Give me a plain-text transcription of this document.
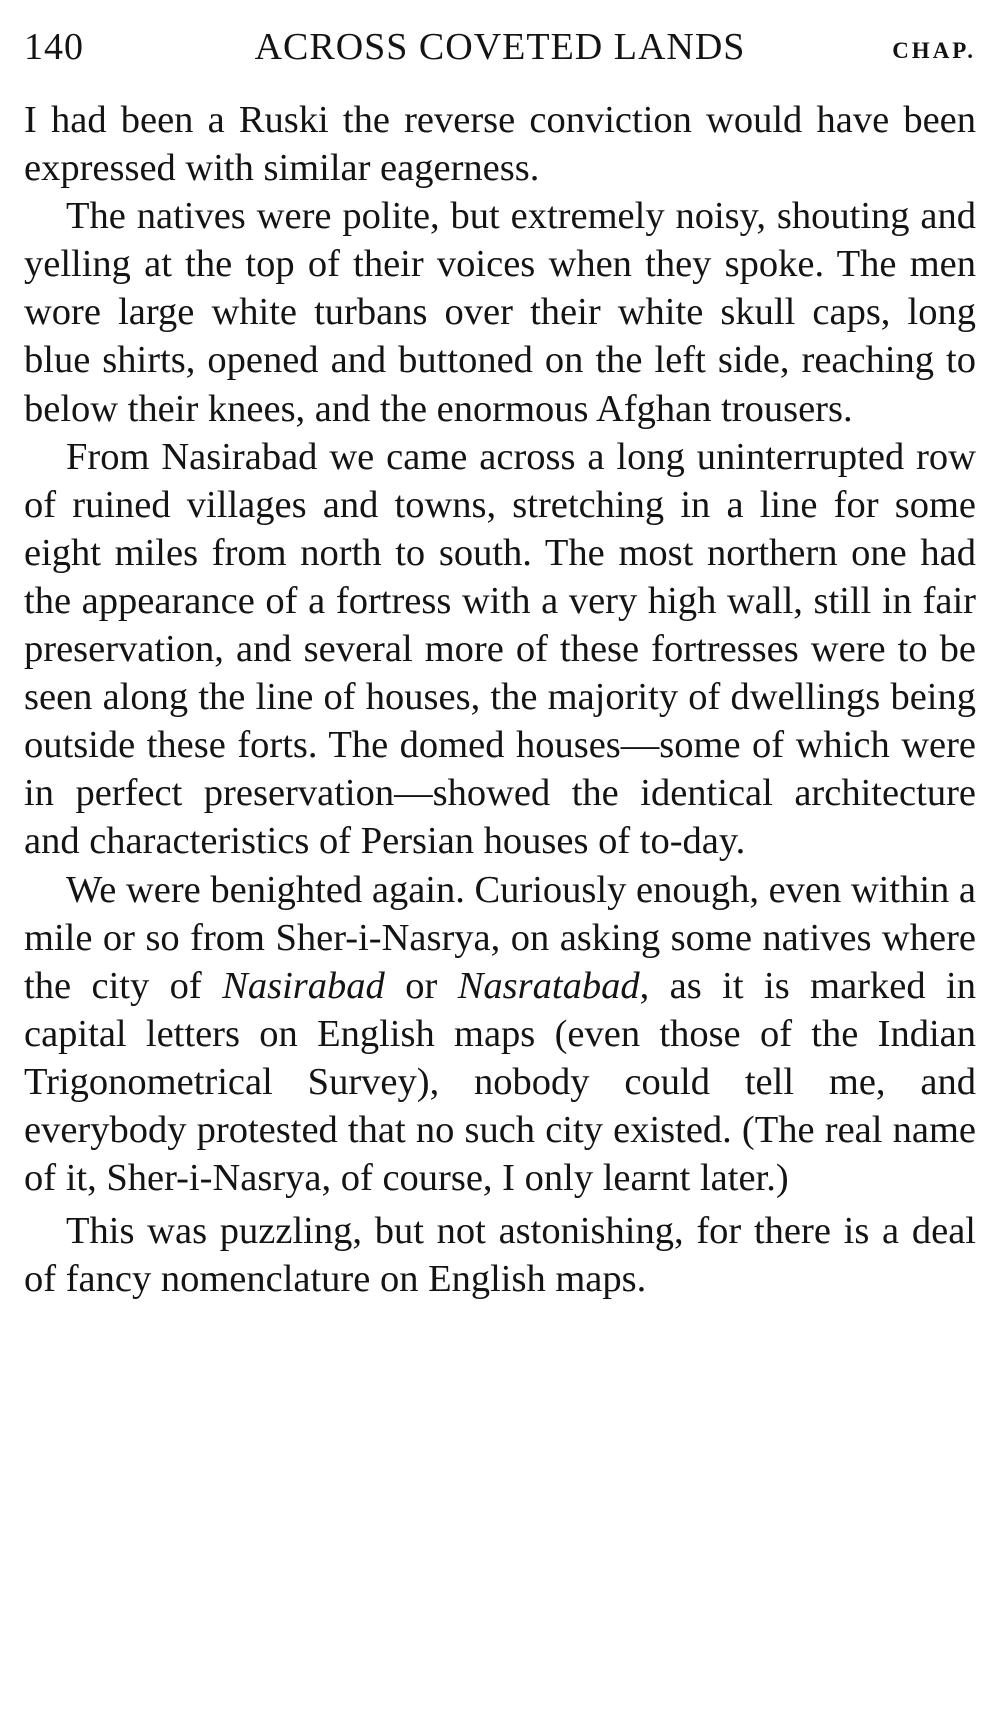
140	ACROSS COVETED LANDS	CHAP.

I had been a Ruski the reverse conviction would have been expressed with similar eagerness.

The natives were polite, but extremely noisy, shouting and yelling at the top of their voices when they spoke. The men wore large white turbans over their white skull caps, long blue shirts, opened and buttoned on the left side, reaching to below their knees, and the enormous Afghan trousers.

From Nasirabad we came across a long uninterrupted row of ruined villages and towns, stretching in a line for some eight miles from north to south. The most northern one had the appearance of a fortress with a very high wall, still in fair preservation, and several more of these fortresses were to be seen along the line of houses, the majority of dwellings being outside these forts. The domed houses—some of which were in perfect preservation—showed the identical architecture and characteristics of Persian houses of to-day.

We were benighted again. Curiously enough, even within a mile or so from Sher-i-Nasrya, on asking some natives where the city of Nasirabad or Nasratabad, as it is marked in capital letters on English maps (even those of the Indian Trigonometrical Survey), nobody could tell me, and everybody protested that no such city existed. (The real name of it, Sher-i-Nasrya, of course, I only learnt later.)

This was puzzling, but not astonishing, for there is a deal of fancy nomenclature on English maps.
